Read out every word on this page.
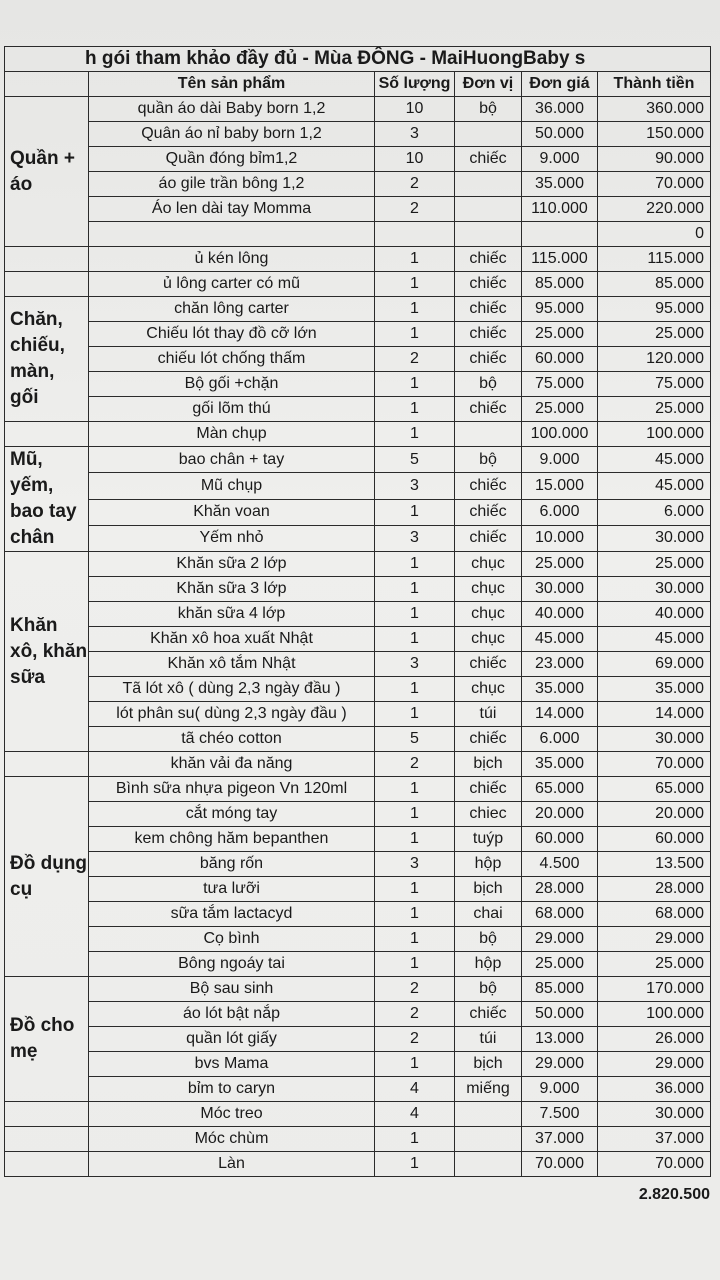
h gói tham khảo đầy đủ - Mùa ĐÔNG - MaiHuongBaby s					
	Tên sản phẩm	Số lượng	Đơn vị	Đơn giá	Thành tiền
Quần + áo	quần áo dài Baby born 1,2	10	bộ	36.000	360.000
	Quân áo nỉ baby born 1,2	3		50.000	150.000
	Quần đóng bỉm1,2	10	chiếc	9.000	90.000
	áo gile trần bông 1,2	2		35.000	70.000
	Áo len dài tay Momma	2		110.000	220.000
					0
	ủ kén lông	1	chiếc	115.000	115.000
	ủ lông carter có mũ	1	chiếc	85.000	85.000
Chăn, chiếu, màn, gối	chăn lông carter	1	chiếc	95.000	95.000
	Chiếu lót thay đồ cỡ lớn	1	chiếc	25.000	25.000
	chiếu lót chống thấm	2	chiếc	60.000	120.000
	Bộ gối +chặn	1	bộ	75.000	75.000
	gối lõm thú	1	chiếc	25.000	25.000
	Màn chụp	1		100.000	100.000
Mũ, yếm, bao tay chân	bao chân + tay	5	bộ	9.000	45.000
	Mũ chụp	3	chiếc	15.000	45.000
	Khăn voan	1	chiếc	6.000	6.000
	Yếm nhỏ	3	chiếc	10.000	30.000
Khăn xô, khăn sữa	Khăn sữa 2 lớp	1	chục	25.000	25.000
	Khăn sữa 3 lớp	1	chục	30.000	30.000
	khăn sữa 4 lớp	1	chục	40.000	40.000
	Khăn xô hoa xuất Nhật	1	chục	45.000	45.000
	Khăn xô tắm Nhật	3	chiếc	23.000	69.000
	Tã lót xô ( dùng 2,3 ngày đầu )	1	chục	35.000	35.000
	lót phân su( dùng 2,3 ngày đầu )	1	túi	14.000	14.000
	tã chéo cotton	5	chiếc	6.000	30.000
	khăn vải đa năng	2	bịch	35.000	70.000
Đồ dụng cụ	Bình sữa nhựa pigeon Vn 120ml	1	chiếc	65.000	65.000
	cắt móng tay	1	chiec	20.000	20.000
	kem chông hăm bepanthen	1	tuýp	60.000	60.000
	băng rốn	3	hộp	4.500	13.500
	tưa lưỡi	1	bịch	28.000	28.000
	sữa tắm lactacyd	1	chai	68.000	68.000
	Cọ bình	1	bộ	29.000	29.000
	Bông ngoáy tai	1	hộp	25.000	25.000
Đồ cho mẹ	Bộ sau sinh	2	bộ	85.000	170.000
	áo lót bật nắp	2	chiếc	50.000	100.000
	quần lót giấy	2	túi	13.000	26.000
	bvs Mama	1	bịch	29.000	29.000
	bỉm to caryn	4	miếng	9.000	36.000
	Móc treo	4		7.500	30.000
	Móc chùm	1		37.000	37.000
	Làn	1		70.000	70.000
2.820.500
